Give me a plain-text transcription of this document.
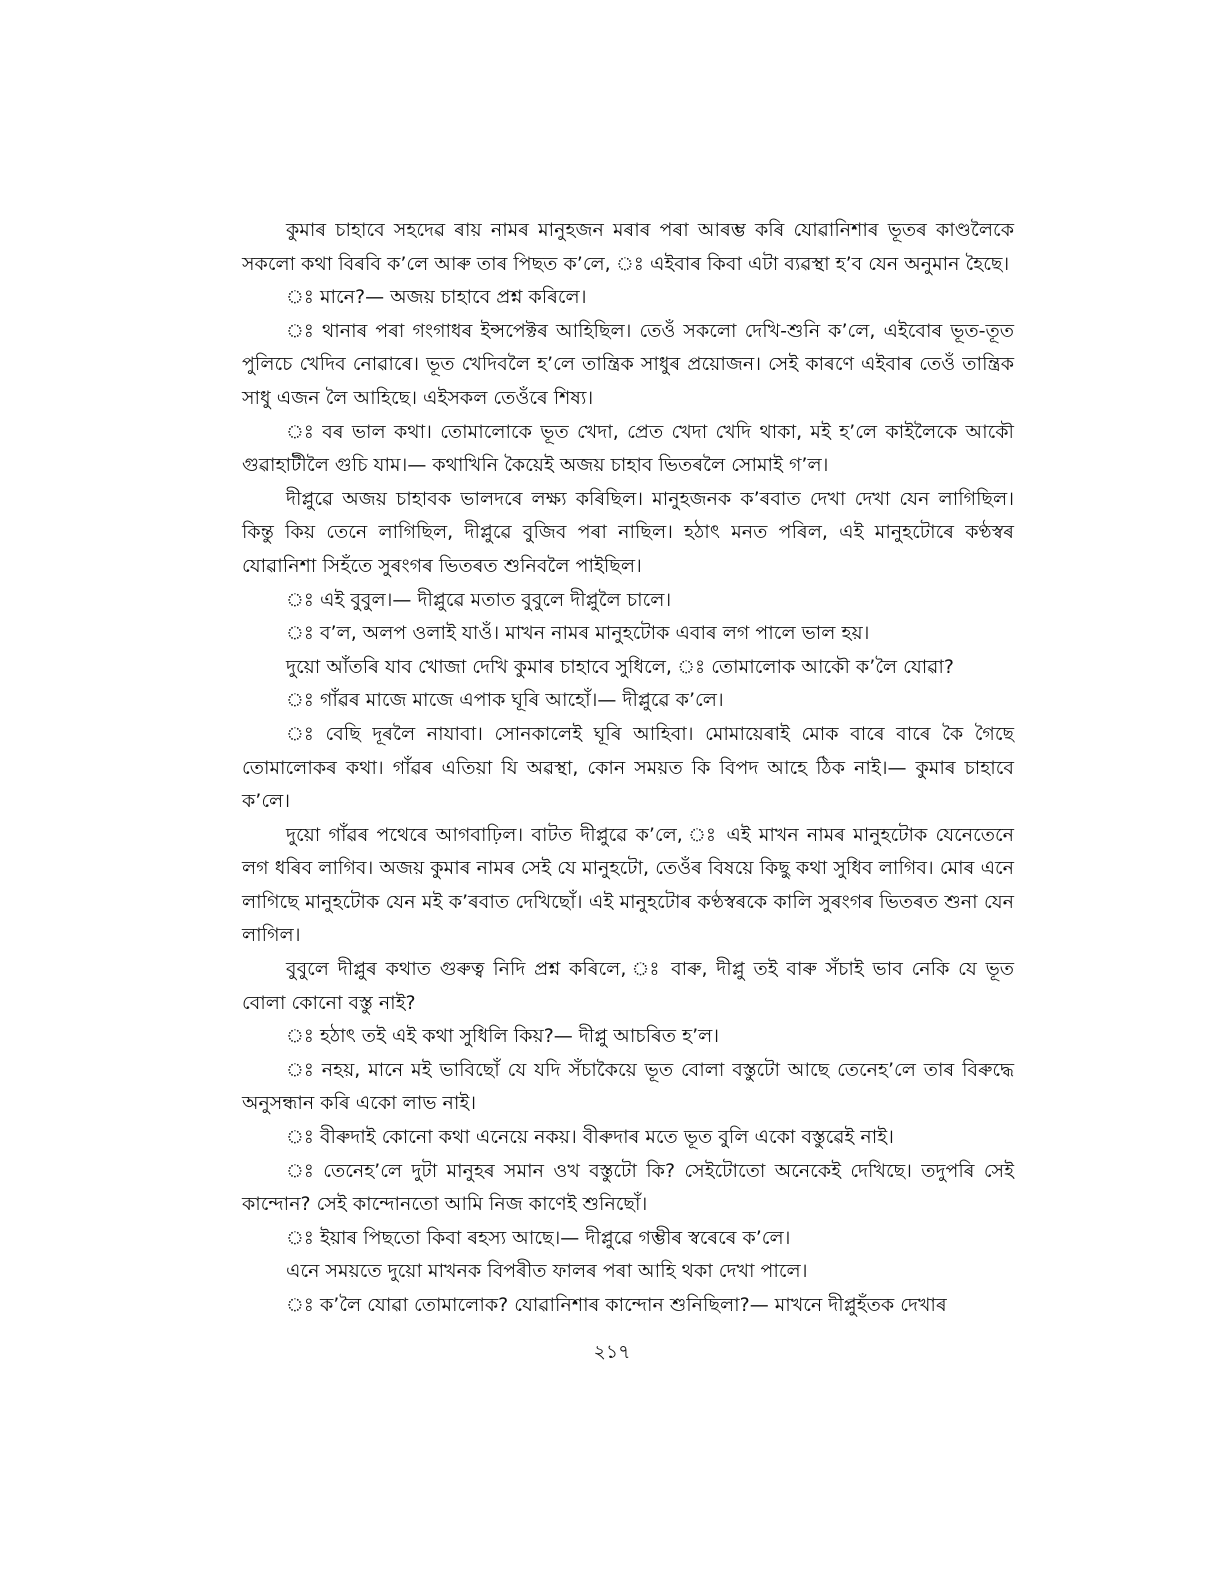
কুমাৰ চাহাবে সহদেৱ ৰায় নামৰ মানুহজন মৰাৰ পৰা আৰম্ভ কৰি যোৱানিশাৰ ভূতৰ কাণ্ডলৈকে সকলো কথা বিৰবি ক’লে আৰু তাৰ পিছত ক’লে, ঃ এইবাৰ কিবা এটা ব্যৱস্থা হ’ব যেন অনুমান হৈছে।

ঃ মানে?— অজয় চাহাবে প্ৰশ্ন কৰিলে।

ঃ থানাৰ পৰা গংগাধৰ ইন্সপেক্টৰ আহিছিল। তেওঁ সকলো দেখি-শুনি ক’লে, এইবোৰ ভূত-তূত পুলিচে খেদিব নোৱাৰে। ভূত খেদিবলৈ হ’লে তান্ত্রিক সাধুৰ প্ৰয়োজন। সেই কাৰণে এইবাৰ তেওঁ তান্ত্রিক সাধু এজন লৈ আহিছে। এইসকল তেওঁৰে শিষ্য।

ঃ বৰ ভাল কথা। তোমালোকে ভূত খেদা, প্ৰেত খেদা খেদি থাকা, মই হ’লে কাইলৈকে আকৌ গুৱাহাটীলৈ গুচি যাম।— কথাখিনি কৈয়েই অজয় চাহাব ভিতৰলৈ সোমাই গ’ল।

দীপ্লুৱে অজয় চাহাবক ভালদৰে লক্ষ্য কৰিছিল। মানুহজনক ক’ৰবাত দেখা দেখা যেন লাগিছিল। কিন্তু কিয় তেনে লাগিছিল, দীপ্লুৱে বুজিব পৰা নাছিল। হঠাৎ মনত পৰিল, এই মানুহটোৰে কণ্ঠস্বৰ যোৱানিশা সিহঁতে সুৰংগৰ ভিতৰত শুনিবলৈ পাইছিল।

ঃ এই বুবুল।— দীপ্লুৱে মতাত বুবুলে দীপ্লুলৈ চালে।

ঃ ব’ল, অলপ ওলাই যাওঁ। মাখন নামৰ মানুহটোক এবাৰ লগ পালে ভাল হয়।

দুয়ো আঁতৰি যাব খোজা দেখি কুমাৰ চাহাবে সুধিলে, ঃ তোমালোক আকৌ ক’লৈ যোৱা?

ঃ গাঁৱৰ মাজে মাজে এপাক ঘূৰি আহোঁ।— দীপ্লুৱে ক’লে।

ঃ বেছি দূৰলৈ নাযাবা। সোনকালেই ঘূৰি আহিবা। মোমায়েৰাই মোক বাৰে বাৰে কৈ গৈছে তোমালোকৰ কথা। গাঁৱৰ এতিয়া যি অৱস্থা, কোন সময়ত কি বিপদ আহে ঠিক নাই।— কুমাৰ চাহাবে ক’লে।

দুয়ো গাঁৱৰ পথেৰে আগবাঢ়িল। বাটত দীপ্লুৱে ক’লে, ঃ এই মাখন নামৰ মানুহটোক যেনেতেনে লগ ধৰিব লাগিব। অজয় কুমাৰ নামৰ সেই যে মানুহটো, তেওঁৰ বিষয়ে কিছু কথা সুধিব লাগিব। মোৰ এনে লাগিছে মানুহটোক যেন মই ক’ৰবাত দেখিছোঁ। এই মানুহটোৰ কণ্ঠস্বৰকে কালি সুৰংগৰ ভিতৰত শুনা যেন লাগিল।

বুবুলে দীপ্লুৰ কথাত গুৰুত্ব নিদি প্ৰশ্ন কৰিলে, ঃ বাৰু, দীপ্লু তই বাৰু সঁচাই ভাব নেকি যে ভূত বোলা কোনো বস্তু নাই?

ঃ হঠাৎ তই এই কথা সুধিলি কিয়?— দীপ্লু আচৰিত হ’ল।

ঃ নহয়, মানে মই ভাবিছোঁ যে যদি সঁচাকৈয়ে ভূত বোলা বস্তুটো আছে তেনেহ’লে তাৰ বিৰুদ্ধে অনুসন্ধান কৰি একো লাভ নাই।

ঃ বীৰুদাই কোনো কথা এনেয়ে নকয়। বীৰুদাৰ মতে ভূত বুলি একো বস্তুৱেই নাই।

ঃ তেনেহ’লে দুটা মানুহৰ সমান ওখ বস্তুটো কি? সেইটোতো অনেকেই দেখিছে। তদুপৰি সেই কান্দোন? সেই কান্দোনতো আমি নিজ কাণেই শুনিছোঁ।

ঃ ইয়াৰ পিছতো কিবা ৰহস্য আছে।— দীপ্লুৱে গম্ভীৰ স্বৰেৰে ক’লে।

এনে সময়তে দুয়ো মাখনক বিপৰীত ফালৰ পৰা আহি থকা দেখা পালে।

ঃ ক’লৈ যোৱা তোমালোক? যোৱানিশাৰ কান্দোন শুনিছিলা?— মাখনে দীপ্লুহঁতক দেখাৰ

২১৭
